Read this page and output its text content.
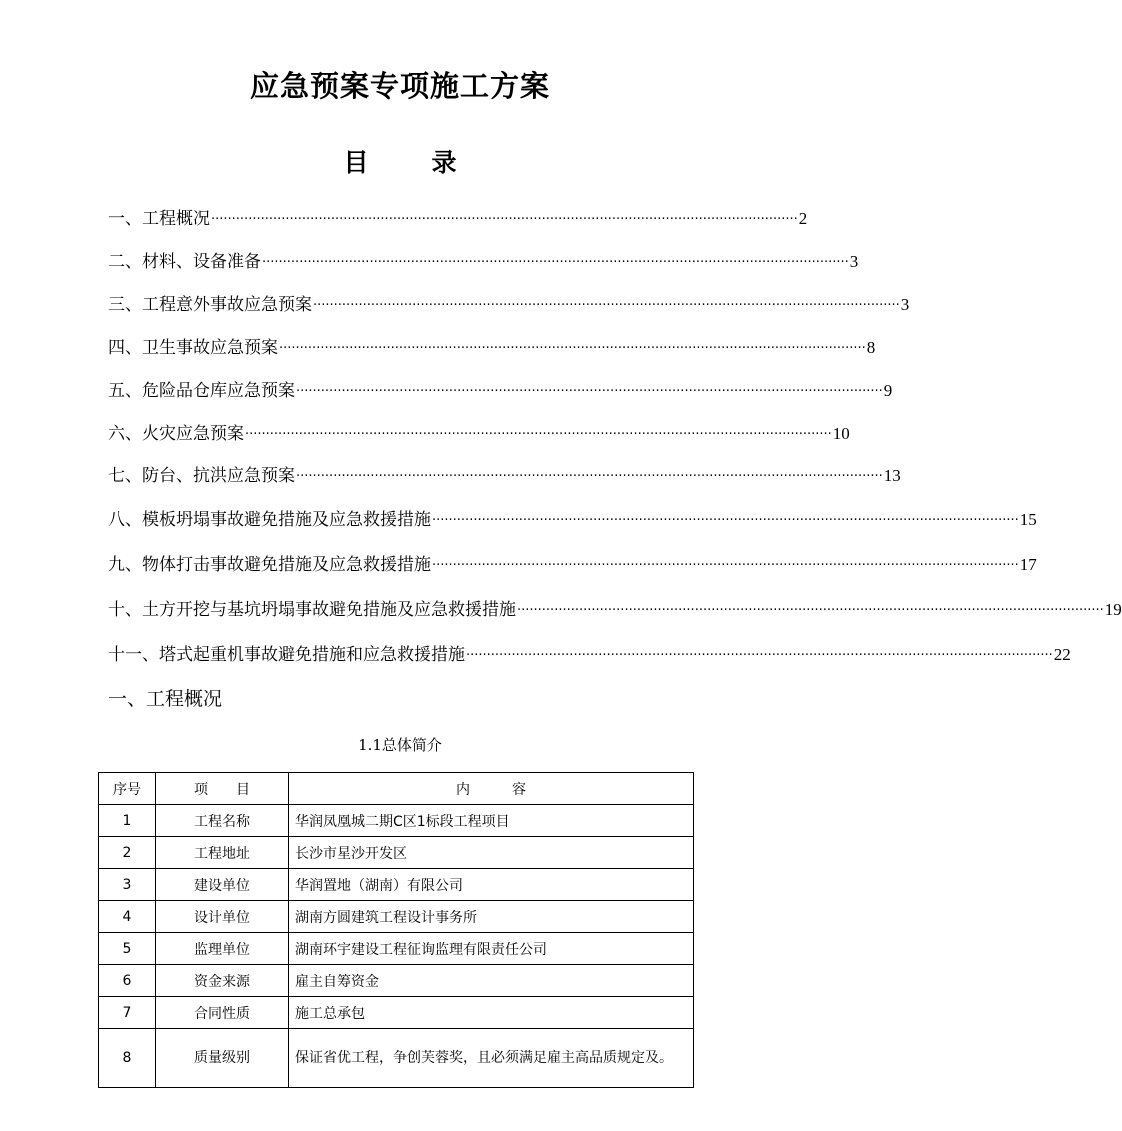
应急预案专项施工方案
目	录
一、 工程概况 ·············································································································································· 2
二、 材料、设备准备 ·············································································································································· 3
三、 工程意外事故应急预案 ·············································································································································· 3
四、 卫生事故应急预案 ·············································································································································· 8
五、 危险品仓库应急预案 ·············································································································································· 9
六、 火灾应急预案 ·············································································································································· 10
七、 防台、抗洪应急预案 ·············································································································································· 13
八、 模板坍塌事故避免措施及应急救援措施 ·············································································································································· 15
九、 物体打击事故避免措施及应急救援措施 ·············································································································································· 17
十、 土方开挖与基坑坍塌事故避免措施及应急救援措施 ·············································································································································· 19
十一、 塔式起重机事故避免措施和应急救援措施 ·············································································································································· 22
一、工程概况
1.1总体简介
序号	项　　目	内　　　容
1	工程名称	华润凤凰城二期C区1标段工程项目
2	工程地址	长沙市星沙开发区
3	建设单位	华润置地（湖南）有限公司
4	设计单位	湖南方圆建筑工程设计事务所
5	监理单位	湖南环宇建设工程征询监理有限责任公司
6	资金来源	雇主自筹资金
7	合同性质	施工总承包
8	质量级别	保证省优工程，争创芙蓉奖，且必须满足雇主高品质规定及。
